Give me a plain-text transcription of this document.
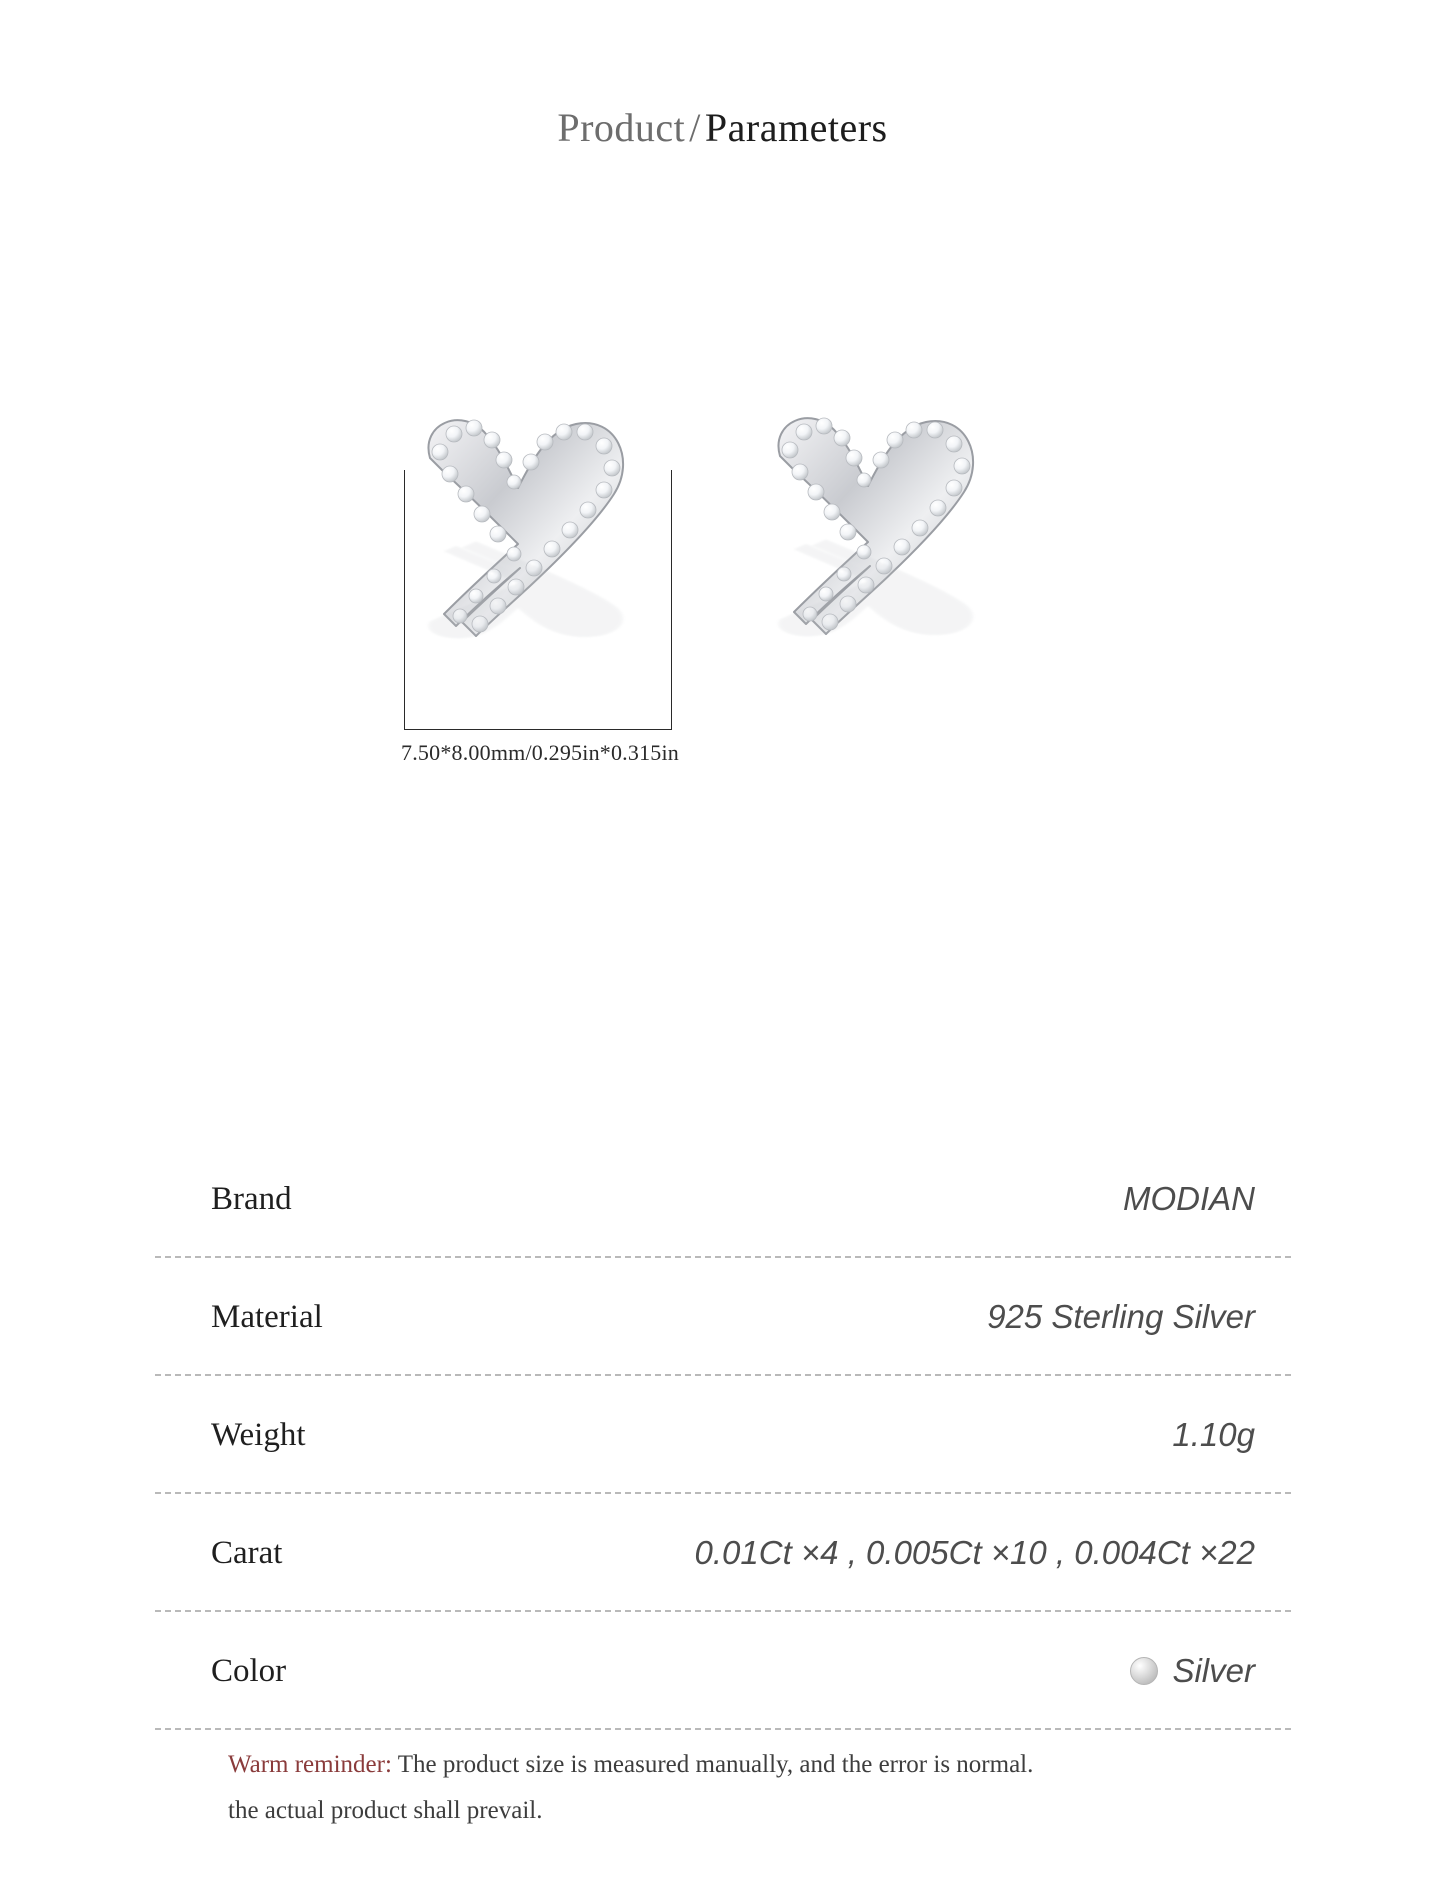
Product / Parameters
7.50*8.00mm/0.295in*0.315in
Brand	MODIAN
Material	925 Sterling Silver
Weight	1.10g
Carat	0.01Ct ×4 , 0.005Ct ×10 , 0.004Ct ×22
Color	Silver
Warm reminder: The product size is measured manually, and the error is normal.
the actual product shall prevail.
